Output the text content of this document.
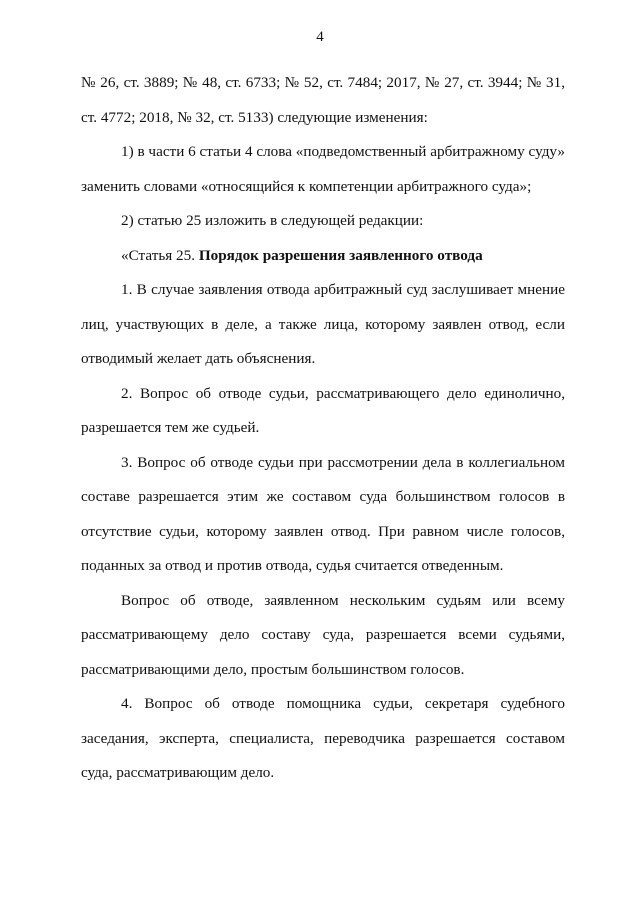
4

№ 26, ст. 3889; № 48, ст. 6733; № 52, ст. 7484; 2017, № 27, ст. 3944; № 31, ст. 4772; 2018, № 32, ст. 5133) следующие изменения:

1) в части 6 статьи 4 слова «подведомственный арбитражному суду» заменить словами «относящийся к компетенции арбитражного суда»;

2) статью 25 изложить в следующей редакции:

«Статья 25. Порядок разрешения заявленного отвода

1. В случае заявления отвода арбитражный суд заслушивает мнение лиц, участвующих в деле, а также лица, которому заявлен отвод, если отводимый желает дать объяснения.

2. Вопрос об отводе судьи, рассматривающего дело единолично, разрешается тем же судьей.

3. Вопрос об отводе судьи при рассмотрении дела в коллегиальном составе разрешается этим же составом суда большинством голосов в отсутствие судьи, которому заявлен отвод. При равном числе голосов, поданных за отвод и против отвода, судья считается отведенным.

Вопрос об отводе, заявленном нескольким судьям или всему рассматривающему дело составу суда, разрешается всеми судьями, рассматривающими дело, простым большинством голосов.

4. Вопрос об отводе помощника судьи, секретаря судебного заседания, эксперта, специалиста, переводчика разрешается составом суда, рассматривающим дело.
